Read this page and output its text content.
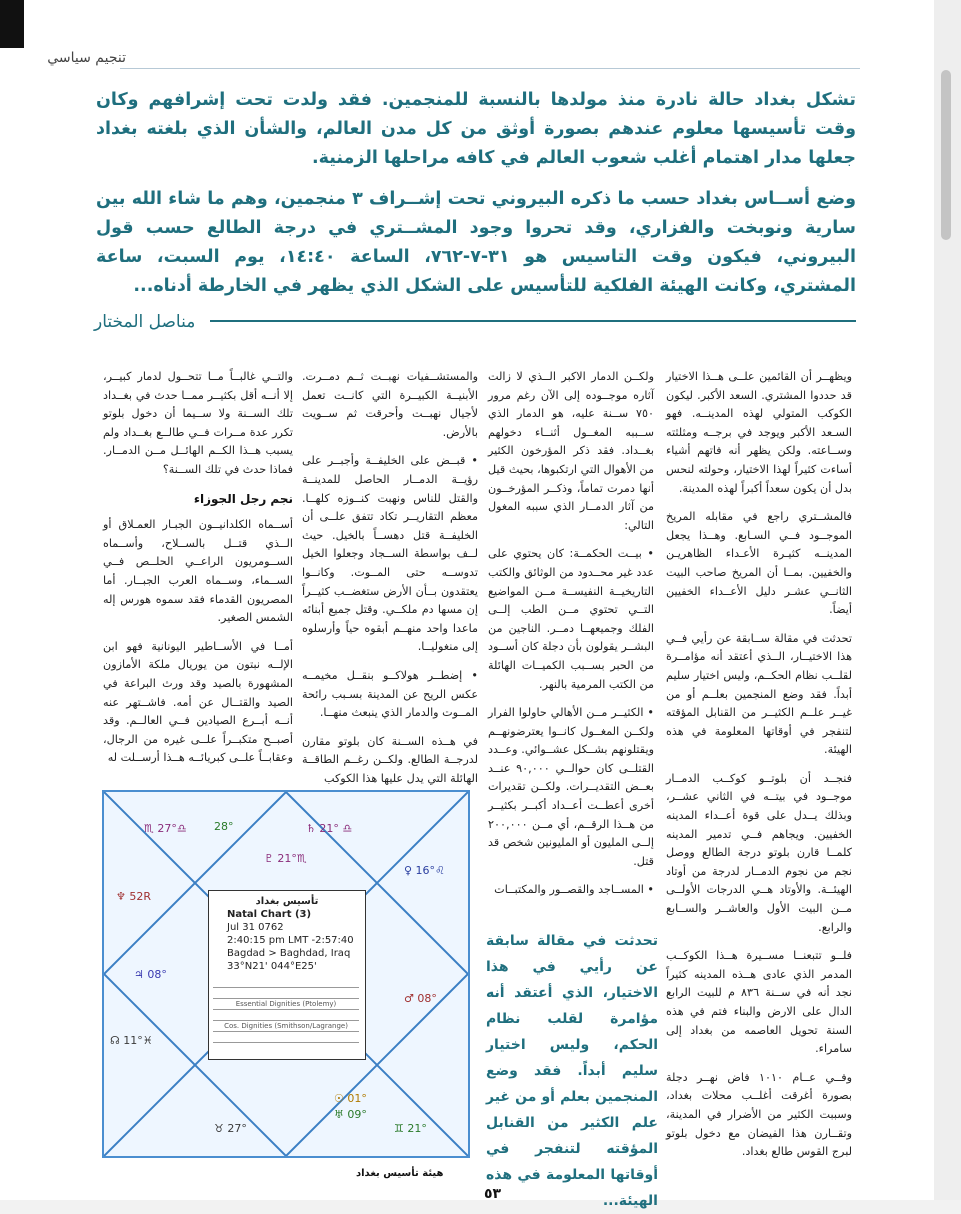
تنجيم سياسي

تشكل بغداد حالة نادرة منذ مولدها بالنسبة للمنجمين. فقد ولدت تحت إشرافهم وكان وقت تأسيسها معلوم عندهم بصورة أوثق من كل مدن العالم، والشأن الذي بلغته بغداد جعلها مدار اهتمام أغلب شعوب العالم في كافه مراحلها الزمنية.

وضع أســاس بغداد حسب ما ذكره البيروني تحت إشــراف ٣ منجمين، وهم ما شاء الله بين سارية ونوبخت والفزاري، وقد تحروا وجود المشــتري في درجة الطالع حسب قول البيروني، فيكون وقت التاسيس هو ٣١-٧-٧٦٢، الساعة ١٤:٤٠، يوم السبت، ساعة المشتري، وكانت الهيئة الفلكية للتأسيس على الشكل الذي يظهر في الخارطة أدناه...

مناصل المختار

ويظهــر أن القائمين علــى هــذا الاختيار قد حددوا المشتري. السعد الأكبر. ليكون الكوكب المتولي لهذه المدينــه. فهو السـعد الأكبر ويوجد في برجــه ومثلثته وســاعته. ولكن يظهر أنه فاتهم أشياء أساءت كثيراً لهذا الاختيار، وحولته لنحس بدل أن يكون سعداً أكبراً لهذه المدينة.

فالمشــتري راجع في مقابله المريخ الموجــود فــي السـابع. وهــذا يجعل المدينــه كثيـرة الأعـداء الظاهريـن والخفيين. بمــا أن المريخ صاحب البيت الثانــي عشـر دليل الأعــداء الخفيين أيضاً.

تحدثت في مقالة ســابقة عن رأيي فــي هذا الاختيــار، الــذي أعتقد أنه مؤامــرة لقلــب نظام الحكــم، وليس اختيار سليم أبداً. فقد وضع المنجمين بعلــم أو من غيــر علــم الكثيــر من القنابل المؤقته لتنفجر في أوقاتها المعلومة في هذه الهيئة.

فنجــد أن بلوتــو كوكــب الدمــار موجــود في بيتــه في الثاني عشــر، وبذلك يــدل على قوة أعــداء المدينه الخفيين. ويجاهم فــي تدمير المدينه كلمــا قارن بلوتو درجة الطالع ووصل نجم من نجوم الدمــار لدرجة من أوتاد الهيئــة. والأوتاد هــي الدرجات الأولــى مــن البيت الأول والعاشــر والســابع والرابع.

فلــو تتبعنــا مســيرة هــذا الكوكــب المدمر الذي عادى هــذه المدينه كثيراً نجد أنه في ســنة ٨٣٦ م للبيت الرابع الدال على الارض والبناء فتم في هذه السنة تحويل العاصمه من بغداد إلى سامراء.

وفــي عــام ١٠١٠ فاض نهــر دجلة بصورة أغرقت أغلــب محلات بغداد، وسببت الكثير من الأضرار في المدينة، وتقــارن هذا الفيضان مع دخول بلوتو لبرج القوس طالع بغداد.

ولكــن الدمار الاكبر الــذي لا زالت آثاره موجــوده إلى الآن رغم مرور ٧٥٠ ســنة عليه، هو الدمار الذي ســببه المغــول أثنــاء دخولهم بغــداد. فقد ذكر المؤرخون الكثير من الأهوال التي ارتكبوها، بحيث قيل أنها دمرت تماماً، وذكــر المؤرخــون من آثار الدمــار الذي سببه المغول التالي:

• بيــت الحكمــة: كان يحتوي على عدد غير محــدود من الوثائق والكتب التاريخيــة النفيســة مــن المواضيع التــي تحتوي مــن الطب إلــى الفلك وجميعهــا دمــر. الناجين من البشــر يقولون بأن دجلة كان أســود من الحبر بســبب الكميــات الهائلة من الكتب المرمية بالنهر.

• الكثيــر مــن الأهالي حاولوا الفرار ولكــن المغــول كانــوا يعترضونهــم ويقتلونهم بشــكل عشــوائي. وعــدد القتلــى كان حوالــي ٩٠,٠٠٠ عنــد بعــض التقديــرات. ولكــن تقديرات أخرى أعطــت أعــداد أكبــر بكثيــر من هــذا الرقــم، أي مــن ٢٠٠,٠٠٠ إلــى المليون أو المليونين شخص قد قتل.

• المســاجد والقصــور والمكتبــات

تحدثت في مقالة سابقة عن رأيي في هذا الاختيار، الذي أعتقد أنه مؤامرة لقلب نظام الحكم، وليس اختيار سليم أبداً. فقد وضع المنجمين بعلم أو من غير علم الكثير من القنابل المؤقته لتنفجر في أوقاتها المعلومة في هذه الهيئة...

والمستشــفيات نهبــت ثــم دمــرت. الأبنيــة الكبيــرة التي كانــت تعمل لأجيال نهبــت وأحرقت ثم ســويت بالأرض.

• قبــض على الخليفــة وأجبــر على رؤيــة الدمــار الحاصل للمدينــة والقتل للناس ونهبت كنــوزه كلهــا. معظم التقاريــر تكاد تتفق علــى أن الخليفــة قتل دهســاً بالخيل. حيث لــف بواسطة الســجاد وجعلوا الخيل تدوســه حتى المــوت. وكانــوا يعتقدون بــأن الأرض ستغضــب كثيــراً إن مسها دم ملكــي. وقتل جميع أبنائه ماعدا واحد منهــم أبقوه حياً وأرسلوه إلى منغوليــا.

• إضطــر هولاكــو بنقــل مخيمــه عكس الريح عن المدينة بسـبب رائحة المــوت والدمار الذي ينبعث منهــا.

في هــذه الســنة كان بلوتو مقارن لدرجــة الطالع. ولكــن رغــم الطاقــة الهائلة التي يدل عليها هذا الكوكب

والتــي غالبــاً مــا تتحــول لدمار كبيــر، إلا أنــه أقل بكثيــر ممــا حدث في بغــداد تلك الســنة ولا ســيما أن دخول بلوتو تكرر عدة مــرات فــي طالــع بغــداد ولم يسبب هــذا الكــم الهائــل مــن الدمــار. فماذا حدث في تلك الســنة؟

نجم رجل الجوزاء

أســماه الكلدانيــون الجبـار العمـلاق أو الــذي قتــل بالســلاح، وأســماه الســومريون الراعــي الحلــص فــي الســماء، وســماه العرب الجبــار. أما المصريون القدماء فقد سموه هورس إله الشمس الصغير.

أمــا في الأســاطير اليونانية فهو ابن الإلــه نبتون من يوريال ملكة الأمازون المشهورة بالصيد وقد ورث البراعة في الصيد والقتــال عن أمه. فاشــتهر عنه أنــه أبــرع الصيادين فــي العالــم. وقد أصبــح متكبــراً علــى غيره من الرجال، وعقابــاً علــى كبريائــه هــذا أرســلت له

♏ 27°♎ 28°	♄ 21° ♎
♇ 21°♏
♀ 16°♌
♆ 52R
♃ 08°
♂ 08°
☊ 11°♓
☉ 01°
♅ 09°
♊ 21°
♉ 27°
تأسيس بغداد
Natal Chart (3)
Jul 31 0762
2:40:15 pm LMT -2:57:40
Bagdad > Baghdad, Iraq
33°N21' 044°E25'
Essential Dignities (Ptolemy)
Cos. Dignities (Smithson/Lagrange)
هيئة تأسيس بغداد
٥٣
